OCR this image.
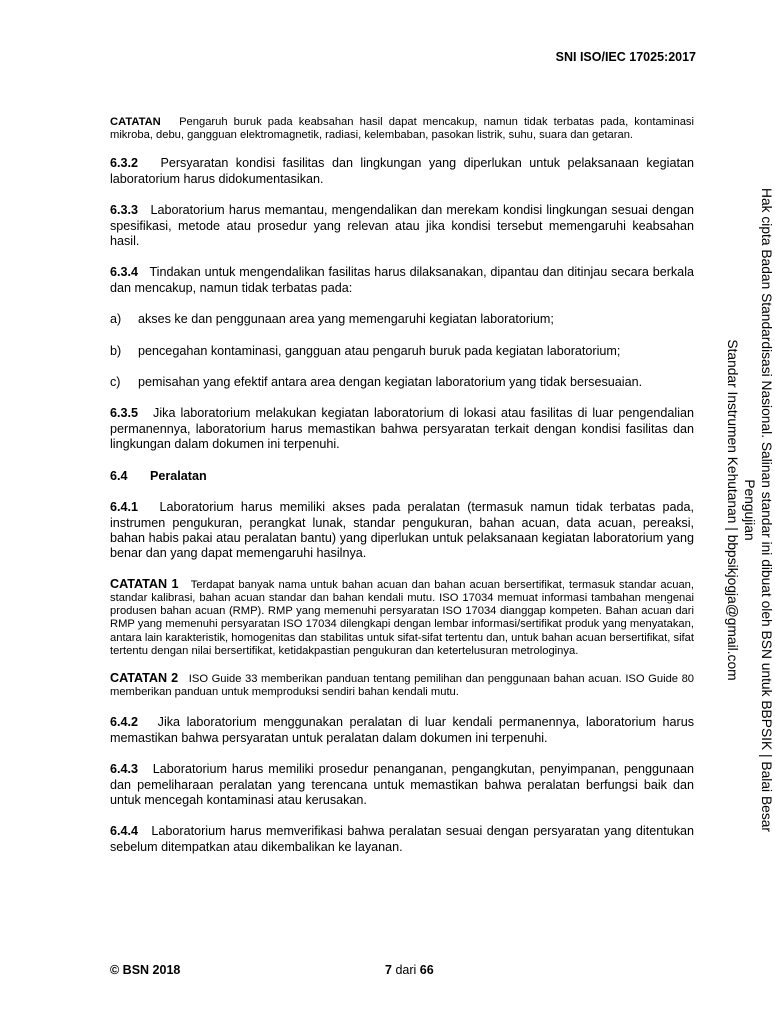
SNI ISO/IEC 17025:2017

CATATAN Pengaruh buruk pada keabsahan hasil dapat mencakup, namun tidak terbatas pada, kontaminasi mikroba, debu, gangguan elektromagnetik, radiasi, kelembaban, pasokan listrik, suhu, suara dan getaran.

6.3.2 Persyaratan kondisi fasilitas dan lingkungan yang diperlukan untuk pelaksanaan kegiatan laboratorium harus didokumentasikan.

6.3.3 Laboratorium harus memantau, mengendalikan dan merekam kondisi lingkungan sesuai dengan spesifikasi, metode atau prosedur yang relevan atau jika kondisi tersebut memengaruhi keabsahan hasil.

6.3.4 Tindakan untuk mengendalikan fasilitas harus dilaksanakan, dipantau dan ditinjau secara berkala dan mencakup, namun tidak terbatas pada:

a)	akses ke dan penggunaan area yang memengaruhi kegiatan laboratorium;
b)	pencegahan kontaminasi, gangguan atau pengaruh buruk pada kegiatan laboratorium;
c)	pemisahan yang efektif antara area dengan kegiatan laboratorium yang tidak bersesuaian.

6.3.5 Jika laboratorium melakukan kegiatan laboratorium di lokasi atau fasilitas di luar pengendalian permanennya, laboratorium harus memastikan bahwa persyaratan terkait dengan kondisi fasilitas dan lingkungan dalam dokumen ini terpenuhi.

6.4 Peralatan

6.4.1 Laboratorium harus memiliki akses pada peralatan (termasuk namun tidak terbatas pada, instrumen pengukuran, perangkat lunak, standar pengukuran, bahan acuan, data acuan, pereaksi, bahan habis pakai atau peralatan bantu) yang diperlukan untuk pelaksanaan kegiatan laboratorium yang benar dan yang dapat memengaruhi hasilnya.

CATATAN 1 Terdapat banyak nama untuk bahan acuan dan bahan acuan bersertifikat, termasuk standar acuan, standar kalibrasi, bahan acuan standar dan bahan kendali mutu. ISO 17034 memuat informasi tambahan mengenai produsen bahan acuan (RMP). RMP yang memenuhi persyaratan ISO 17034 dianggap kompeten. Bahan acuan dari RMP yang memenuhi persyaratan ISO 17034 dilengkapi dengan lembar informasi/sertifikat produk yang menyatakan, antara lain karakteristik, homogenitas dan stabilitas untuk sifat-sifat tertentu dan, untuk bahan acuan bersertifikat, sifat tertentu dengan nilai bersertifikat, ketidakpastian pengukuran dan ketertelusuran metrologinya.

CATATAN 2 ISO Guide 33 memberikan panduan tentang pemilihan dan penggunaan bahan acuan. ISO Guide 80 memberikan panduan untuk memproduksi sendiri bahan kendali mutu.

6.4.2 Jika laboratorium menggunakan peralatan di luar kendali permanennya, laboratorium harus memastikan bahwa persyaratan untuk peralatan dalam dokumen ini terpenuhi.

6.4.3 Laboratorium harus memiliki prosedur penanganan, pengangkutan, penyimpanan, penggunaan dan pemeliharaan peralatan yang terencana untuk memastikan bahwa peralatan berfungsi baik dan untuk mencegah kontaminasi atau kerusakan.

6.4.4 Laboratorium harus memverifikasi bahwa peralatan sesuai dengan persyaratan yang ditentukan sebelum ditempatkan atau dikembalikan ke layanan.

Hak cipta Badan Standardisasi Nasional. Salinan standar ini dibuat oleh BSN untuk BBPSIK | Balai Besar Pengujian
Standar Instrumen Kehutanan | bbpsikjogja@gmail.com
© BSN 2018	7 dari 66
